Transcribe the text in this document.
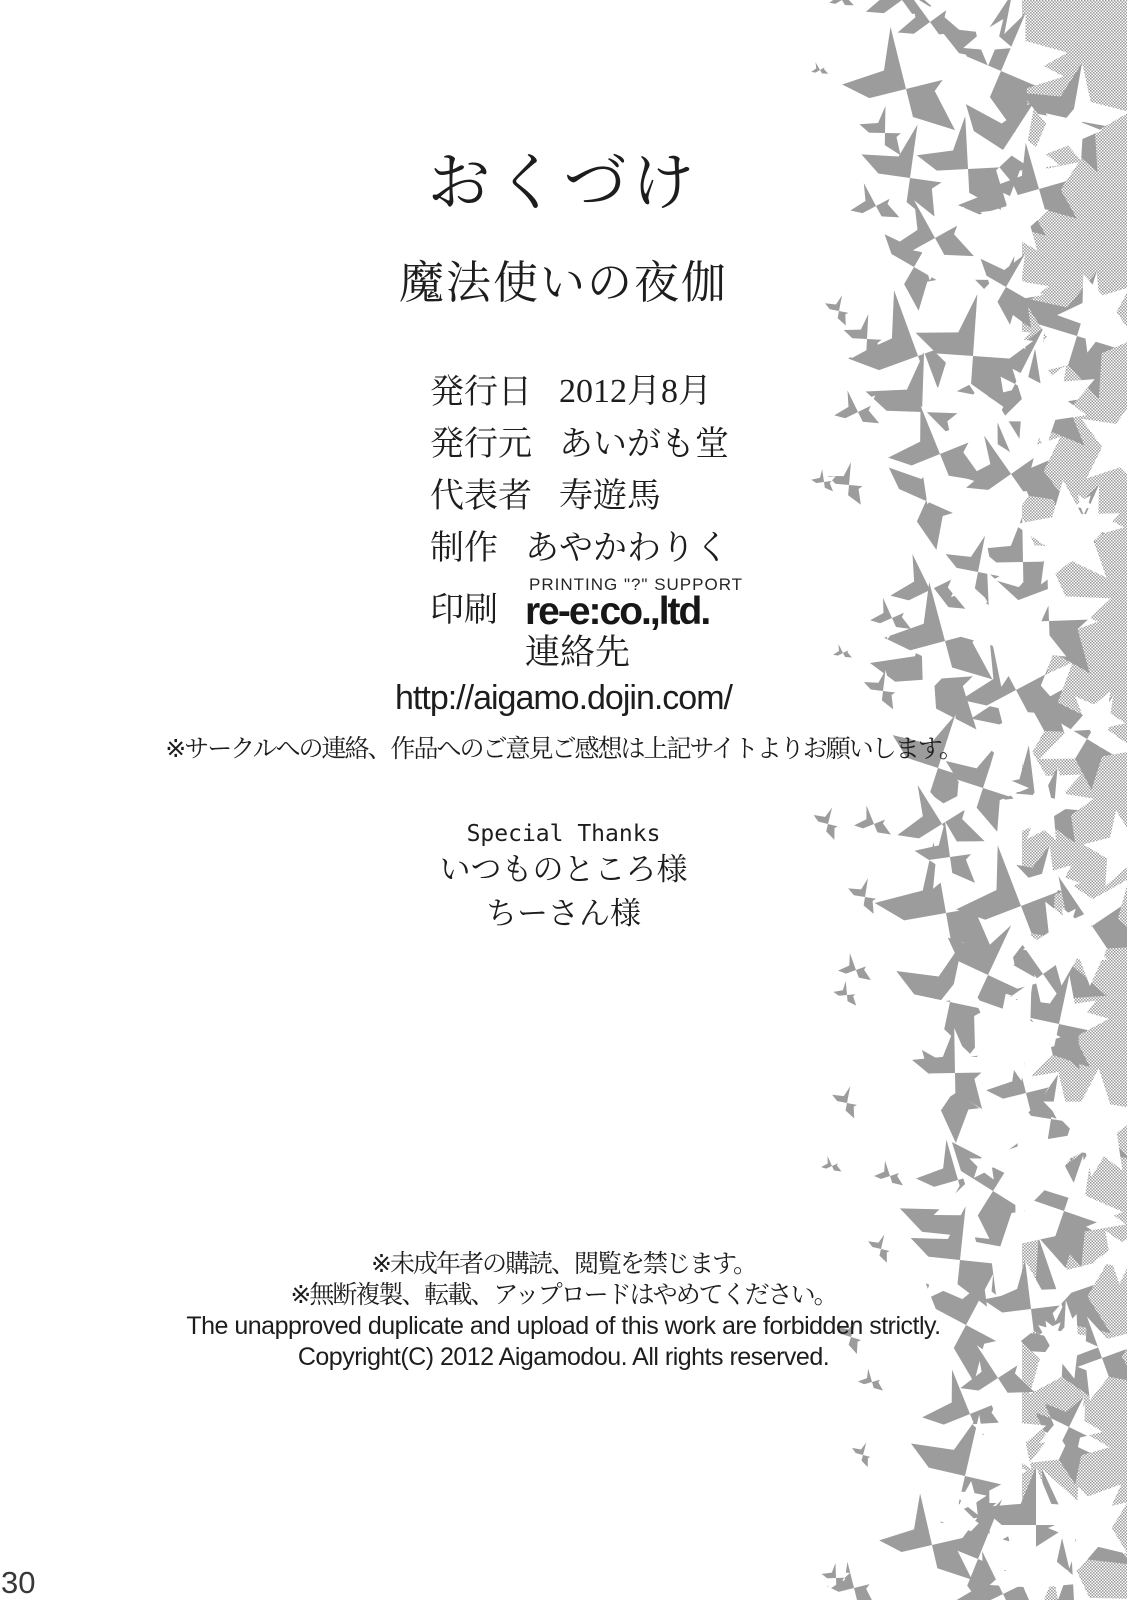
おくづけ
魔法使いの夜伽
発行日 2012月8月
発行元 あいがも堂
代表者 寿遊馬
制作 あやかわりく
印刷
PRINTING "?" SUPPORT
re-e:co.,ltd.
連絡先
http://aigamo.dojin.com/
※サークルへの連絡、作品へのご意見ご感想は上記サイトよりお願いします。
Special Thanks
いつものところ様
ちーさん様
※未成年者の購読、閲覧を禁じます。
※無断複製、転載、アップロードはやめてください。
The unapproved duplicate and upload of this work are forbidden strictly.
Copyright(C) 2012 Aigamodou. All rights reserved.
30
